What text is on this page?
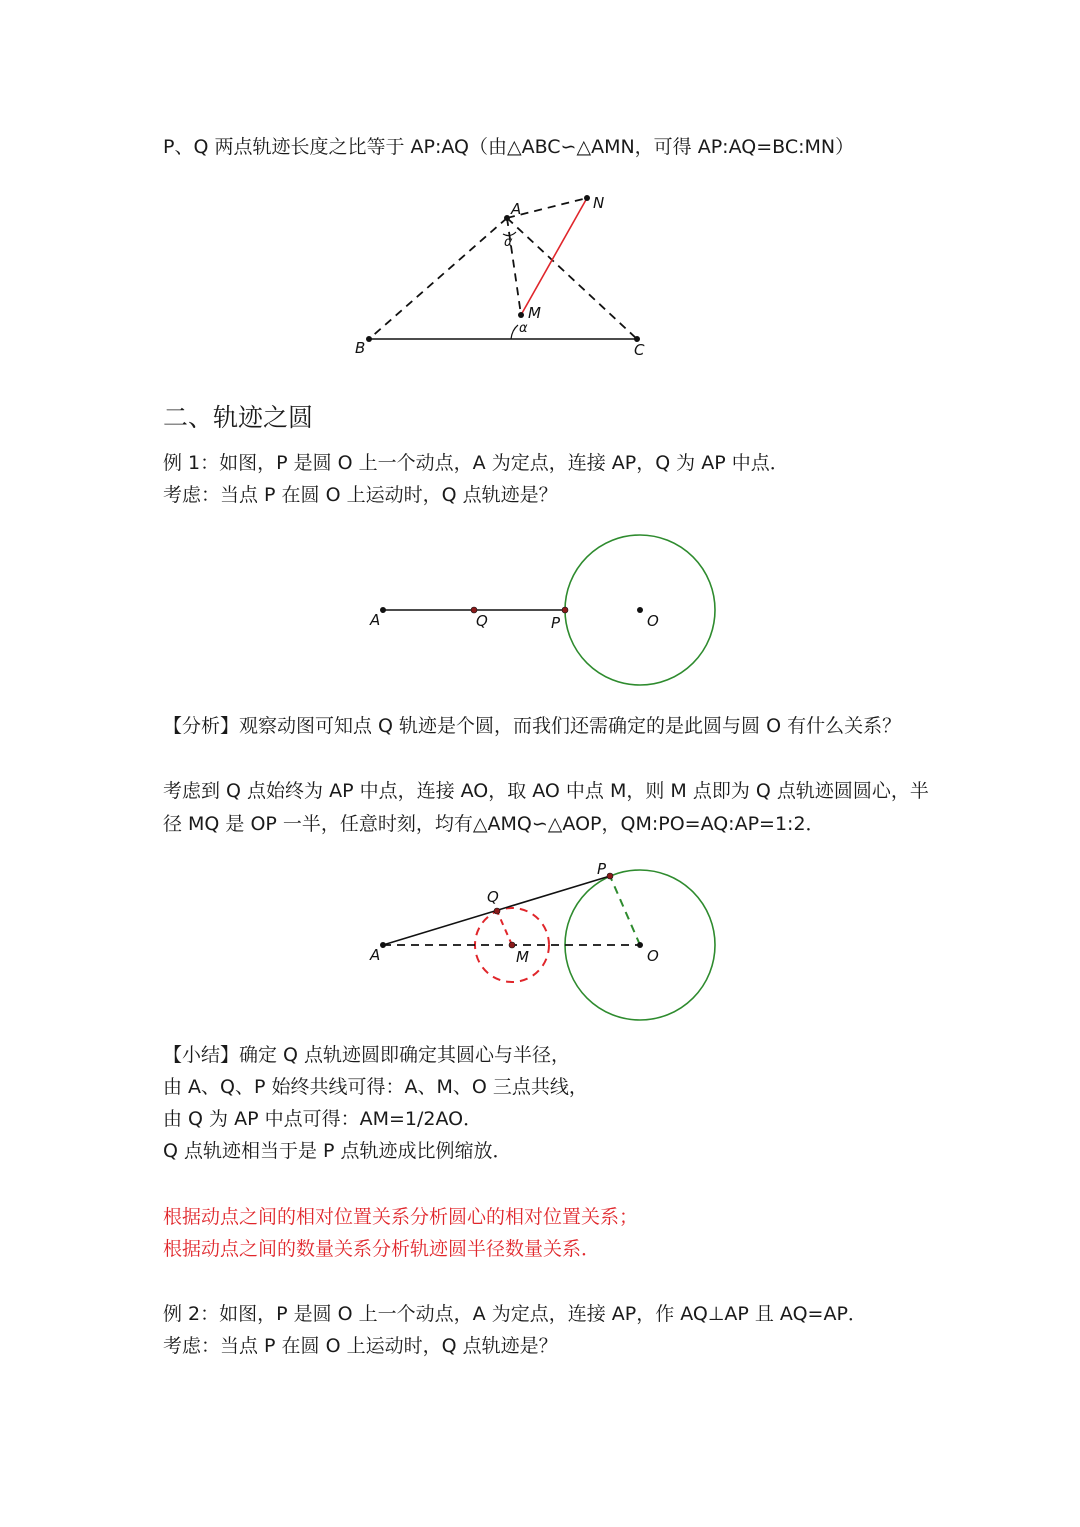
P、Q 两点轨迹长度之比等于 AP:AQ（由△ABC∽△AMN，可得 AP:AQ=BC:MN）
A	N
M
B	C
α
α
二、轨迹之圆
例 1：如图，P 是圆 O 上一个动点，A 为定点，连接 AP，Q 为 AP 中点．
考虑：当点 P 在圆 O 上运动时，Q 点轨迹是？
A	Q	P	O
【分析】观察动图可知点 Q 轨迹是个圆，而我们还需确定的是此圆与圆 O 有什么关系？
考虑到 Q 点始终为 AP 中点，连接 AO，取 AO 中点 M，则 M 点即为 Q 点轨迹圆圆心，半
径 MQ 是 OP 一半，任意时刻，均有△AMQ∽△AOP，QM:PO=AQ:AP=1:2．
A
Q
P
M	O
【小结】确定 Q 点轨迹圆即确定其圆心与半径，
由 A、Q、P 始终共线可得：A、M、O 三点共线，
由 Q 为 AP 中点可得：AM=1/2AO．
Q 点轨迹相当于是 P 点轨迹成比例缩放．
根据动点之间的相对位置关系分析圆心的相对位置关系；
根据动点之间的数量关系分析轨迹圆半径数量关系．
例 2：如图，P 是圆 O 上一个动点，A 为定点，连接 AP，作 AQ⊥AP 且 AQ=AP．
考虑：当点 P 在圆 O 上运动时，Q 点轨迹是？
